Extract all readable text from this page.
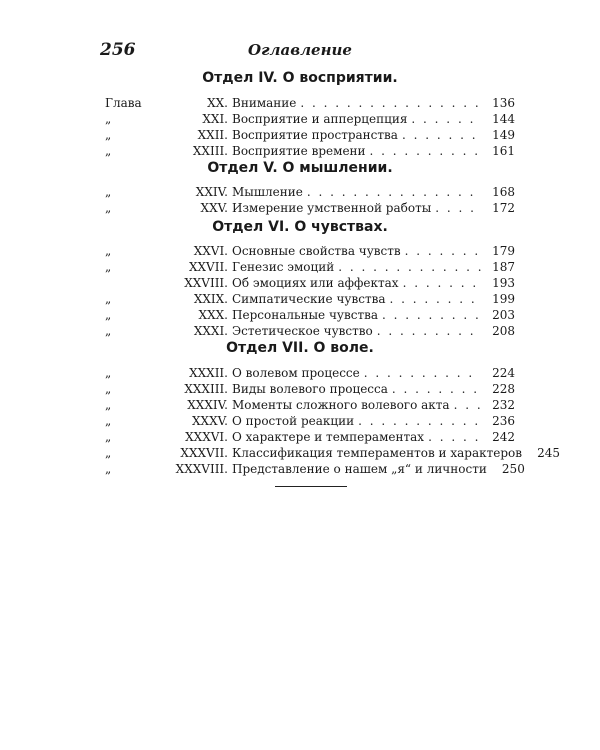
256	Оглавление
Отдел IV. О восприятии.
Глава	XX. Внимание . . .	136
„	XXI. Восприятие и апперцепция . . .	144
„	XXII. Восприятие пространства . . .	149
„	XXIII. Восприятие времени . . .	161
Отдел V. О мышлении.
„	XXIV. Мышление . . .	168
„	XXV. Измерение умственной работы . . .	172
Отдел VI. О чувствах.
„	XXVI. Основные свойства чувств . . .	179
„	XXVII. Генезис эмоций . . .	187
XXVIII. Об эмоциях или аффектах . . .	193
„	XXIX. Симпатические чувства . . .	199
„	XXX. Персональные чувства . . .	203
„	XXXI. Эстетическое чувство . . .	208
Отдел VII. О воле.
„	XXXII. О волевом процессе . . .	224
„	XXXIII. Виды волевого процесса . . .	228
„	XXXIV. Моменты сложного волевого акта . . .	232
„	XXXV. О простой реакции . . .	236
„	XXXVI. О характере и темпераментах . . .	242
„	XXXVII. Классификация темпераментов и характеров	245
„	XXXVIII. Представление о нашем „я“ и личности	250
